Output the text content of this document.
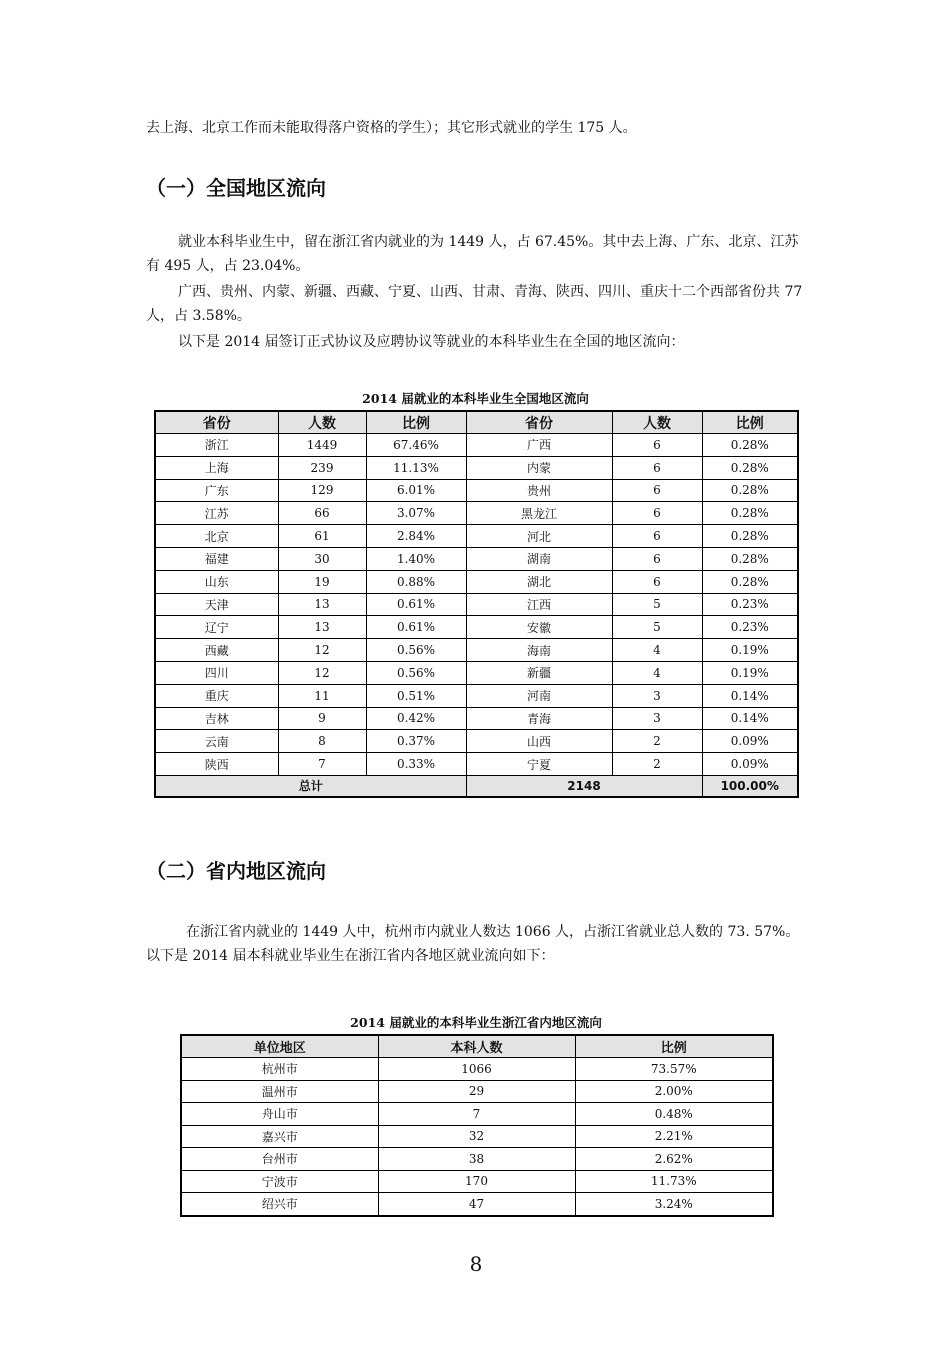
去上海、北京工作而未能取得落户资格的学生）；其它形式就业的学生 175 人。
（一）全国地区流向
就业本科毕业生中，留在浙江省内就业的为 1449 人，占 67.45%。其中去上海、广东、北京、江苏有 495 人，占 23.04%。
广西、贵州、内蒙、新疆、西藏、宁夏、山西、甘肃、青海、陕西、四川、重庆十二个西部省份共 77 人，占 3.58%。
以下是 2014 届签订正式协议及应聘协议等就业的本科毕业生在全国的地区流向：
2014 届就业的本科毕业生全国地区流向
省份	人数	比例	省份	人数	比例
浙江	1449	67.46%	广西	6	0.28%
上海	239	11.13%	内蒙	6	0.28%
广东	129	6.01%	贵州	6	0.28%
江苏	66	3.07%	黑龙江	6	0.28%
北京	61	2.84%	河北	6	0.28%
福建	30	1.40%	湖南	6	0.28%
山东	19	0.88%	湖北	6	0.28%
天津	13	0.61%	江西	5	0.23%
辽宁	13	0.61%	安徽	5	0.23%
西藏	12	0.56%	海南	4	0.19%
四川	12	0.56%	新疆	4	0.19%
重庆	11	0.51%	河南	3	0.14%
吉林	9	0.42%	青海	3	0.14%
云南	8	0.37%	山西	2	0.09%
陕西	7	0.33%	宁夏	2	0.09%
总计			2148		100.00%
（二）省内地区流向
在浙江省内就业的 1449 人中，杭州市内就业人数达 1066 人，占浙江省就业总人数的 73. 57%。以下是 2014 届本科就业毕业生在浙江省内各地区就业流向如下：
2014 届就业的本科毕业生浙江省内地区流向
单位地区	本科人数	比例
杭州市	1066	73.57%
温州市	29	2.00%
舟山市	7	0.48%
嘉兴市	32	2.21%
台州市	38	2.62%
宁波市	170	11.73%
绍兴市	47	3.24%
8
